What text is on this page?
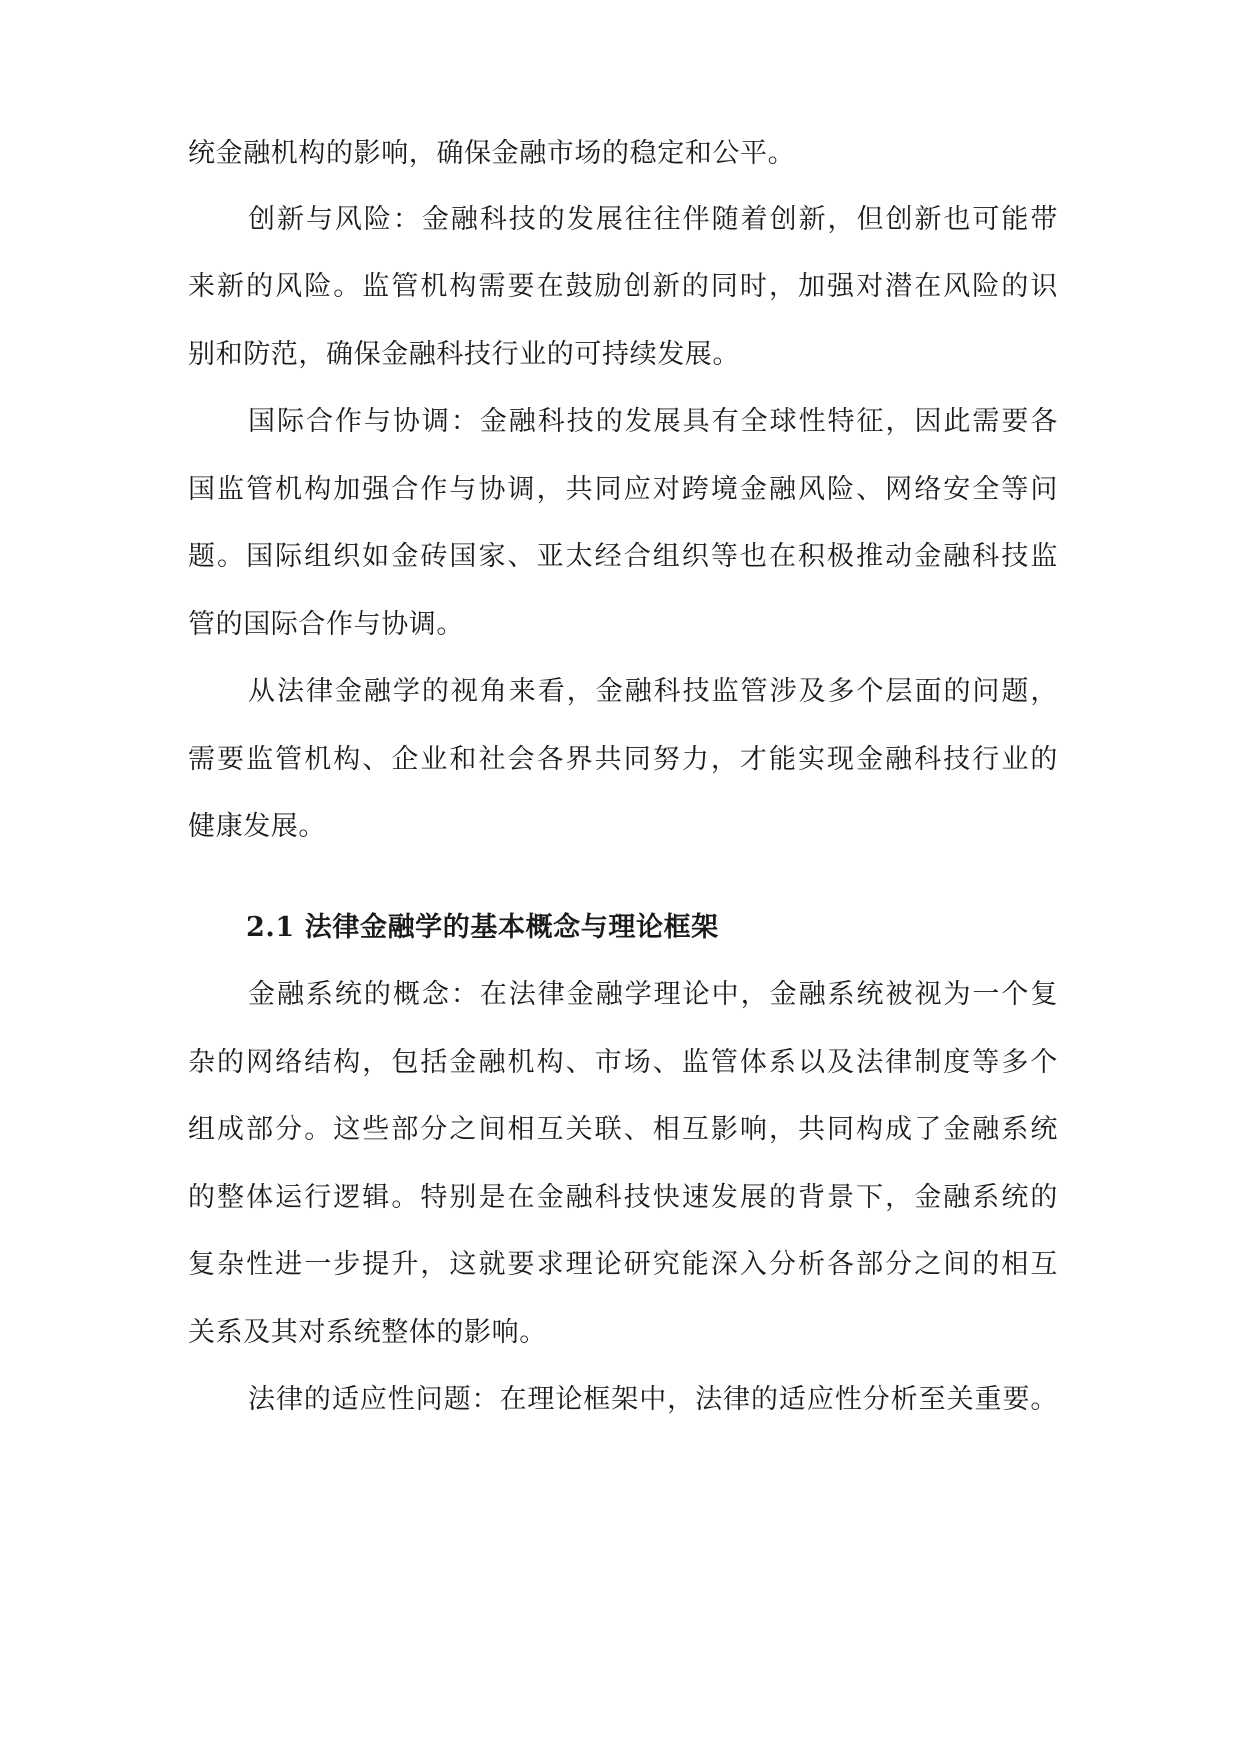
统金融机构的影响，确保金融市场的稳定和公平。
创新与风险：金融科技的发展往往伴随着创新，但创新也可能带
来新的风险。监管机构需要在鼓励创新的同时，加强对潜在风险的识
别和防范，确保金融科技行业的可持续发展。
国际合作与协调：金融科技的发展具有全球性特征，因此需要各
国监管机构加强合作与协调，共同应对跨境金融风险、网络安全等问
题。国际组织如金砖国家、亚太经合组织等也在积极推动金融科技监
管的国际合作与协调。
从法律金融学的视角来看，金融科技监管涉及多个层面的问题，
需要监管机构、企业和社会各界共同努力，才能实现金融科技行业的
健康发展。
2.1 法律金融学的基本概念与理论框架
金融系统的概念：在法律金融学理论中，金融系统被视为一个复
杂的网络结构，包括金融机构、市场、监管体系以及法律制度等多个
组成部分。这些部分之间相互关联、相互影响，共同构成了金融系统
的整体运行逻辑。特别是在金融科技快速发展的背景下，金融系统的
复杂性进一步提升，这就要求理论研究能深入分析各部分之间的相互
关系及其对系统整体的影响。
法律的适应性问题：在理论框架中，法律的适应性分析至关重要。
